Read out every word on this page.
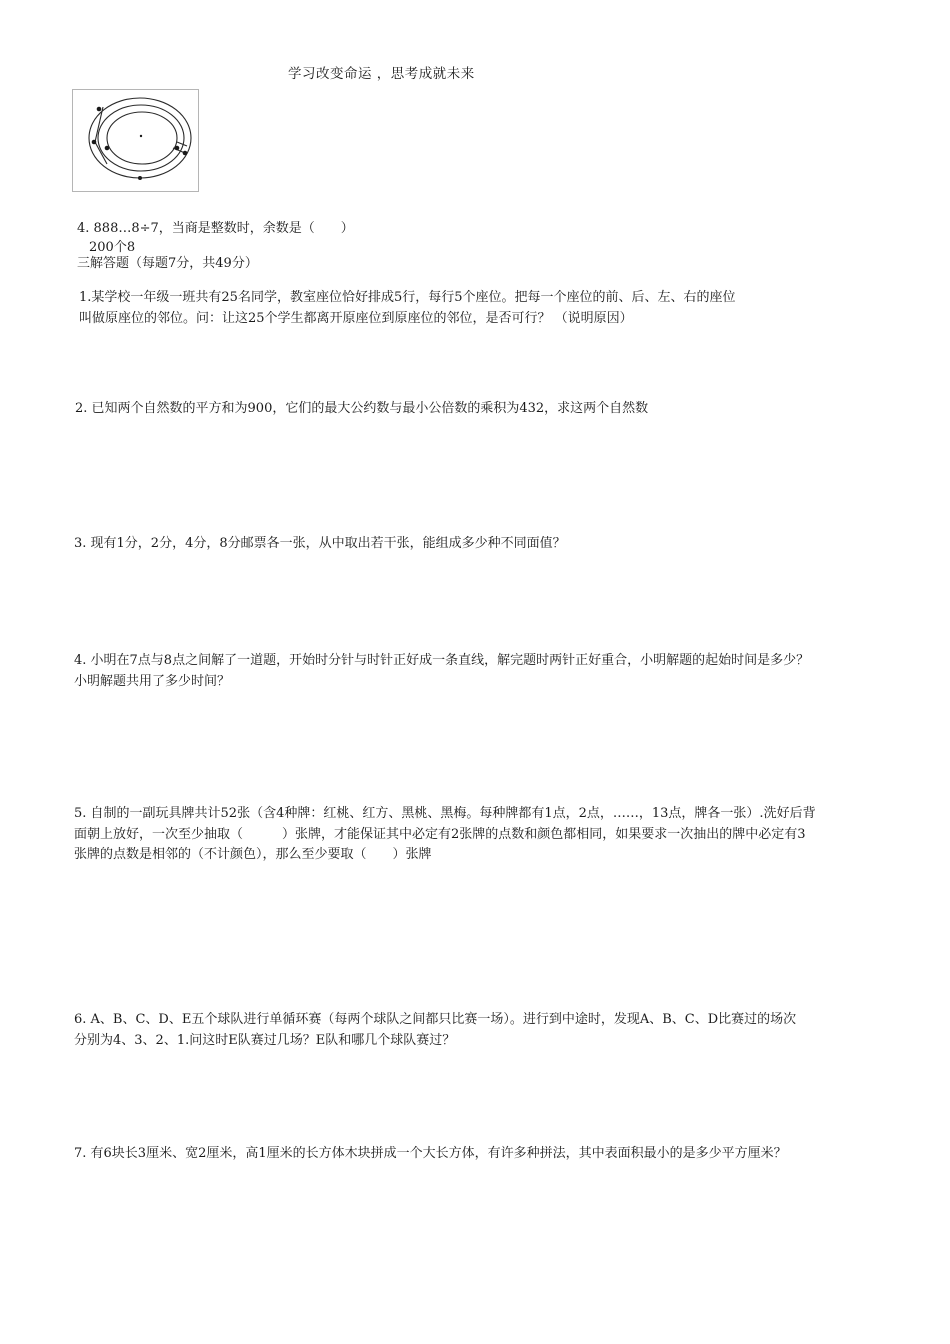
学习改变命运 ，思考成就未来
4. 888…8÷7，当商是整数时，余数是（　　）
200个8
三解答题（每题7分，共49分）
1.某学校一年级一班共有25名同学，教室座位恰好排成5行，每行5个座位。把每一个座位的前、后、左、右的座位
叫做原座位的邻位。问：让这25个学生都离开原座位到原座位的邻位，是否可行？ （说明原因）
2. 已知两个自然数的平方和为900，它们的最大公约数与最小公倍数的乘积为432，求这两个自然数
3. 现有1分，2分，4分，8分邮票各一张，从中取出若干张，能组成多少种不同面值？
4. 小明在7点与8点之间解了一道题，开始时分针与时针正好成一条直线，解完题时两针正好重合，小明解题的起始时间是多少？
小明解题共用了多少时间？
5. 自制的一副玩具牌共计52张（含4种牌：红桃、红方、黑桃、黑梅。每种牌都有1点，2点，……，13点，牌各一张）.洗好后背
面朝上放好，一次至少抽取（　　　）张牌，才能保证其中必定有2张牌的点数和颜色都相同，如果要求一次抽出的牌中必定有3
张牌的点数是相邻的（不计颜色），那么至少要取（　　）张牌
6. A、B、C、D、E五个球队进行单循环赛（每两个球队之间都只比赛一场）。进行到中途时，发现A、B、C、D比赛过的场次
分别为4、3、2、1.问这时E队赛过几场？E队和哪几个球队赛过？
7. 有6块长3厘米、宽2厘米，高1厘米的长方体木块拼成一个大长方体，有许多种拼法，其中表面积最小的是多少平方厘米？
